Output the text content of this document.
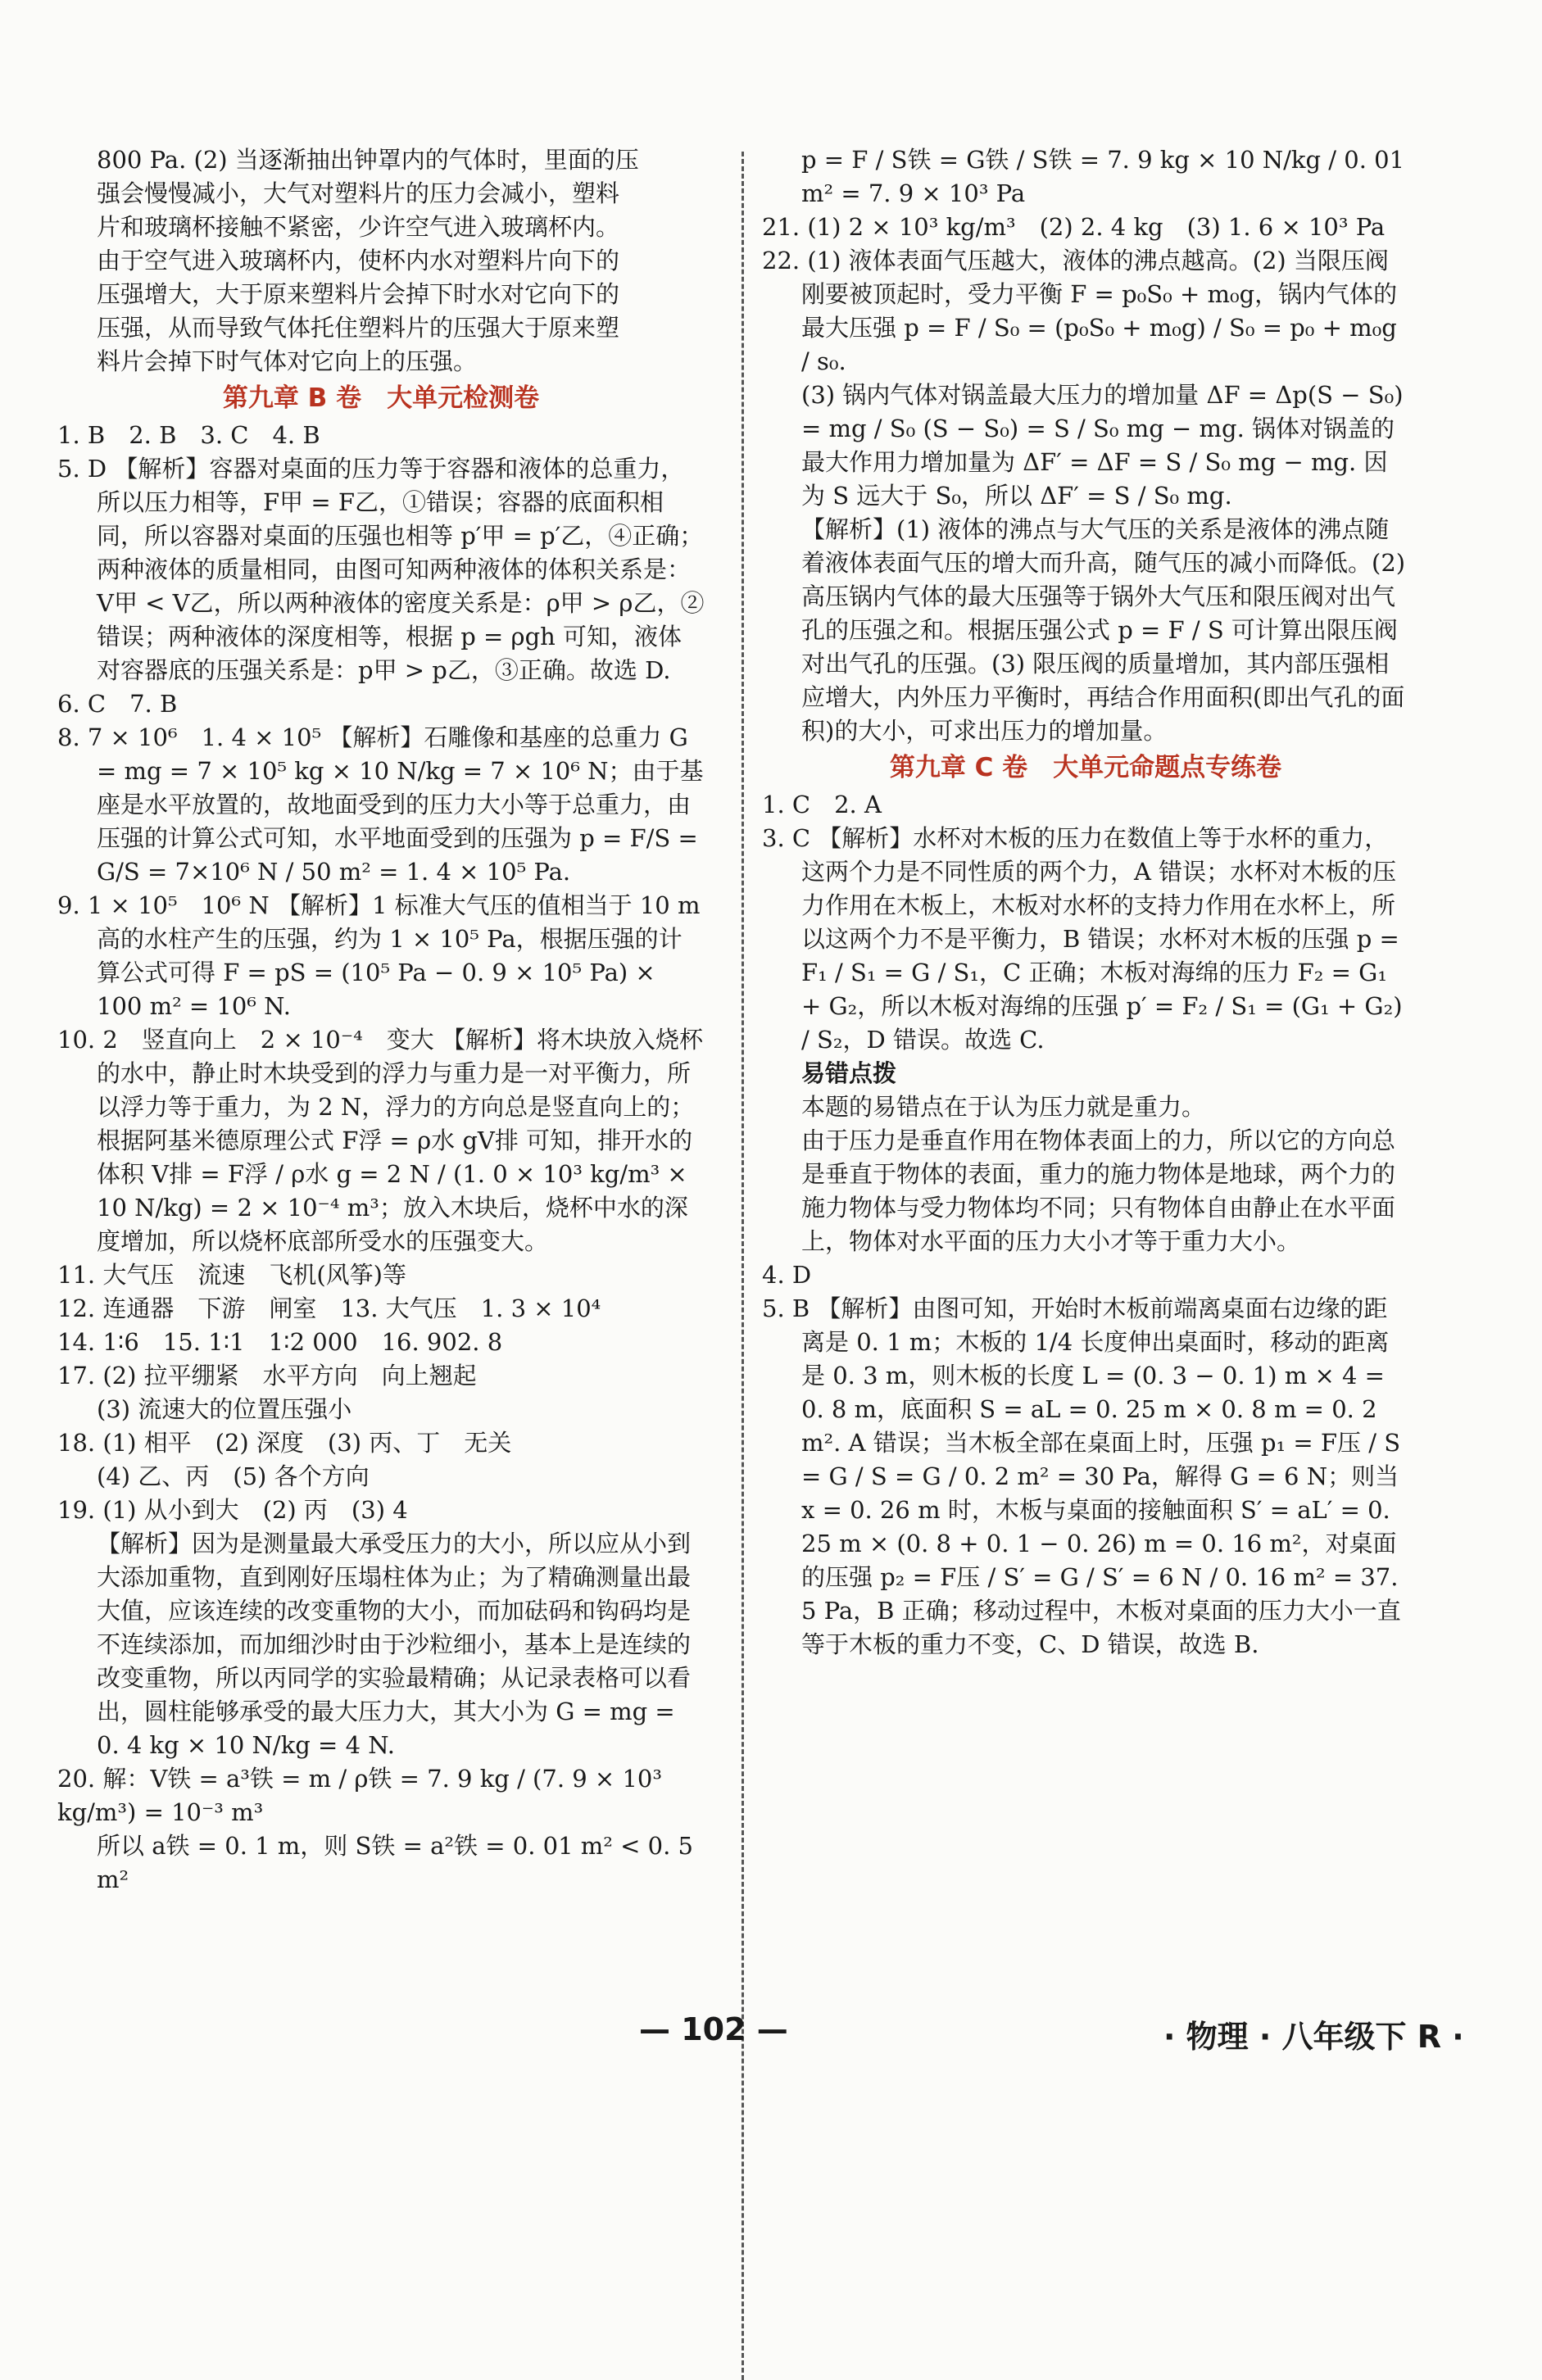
800 Pa. (2) 当逐渐抽出钟罩内的气体时，里面的压

强会慢慢减小，大气对塑料片的压力会减小，塑料

片和玻璃杯接触不紧密，少许空气进入玻璃杯内。

由于空气进入玻璃杯内，使杯内水对塑料片向下的

压强增大，大于原来塑料片会掉下时水对它向下的

压强，从而导致气体托住塑料片的压强大于原来塑

料片会掉下时气体对它向上的压强。

第九章 B 卷　大单元检测卷

1. B　2. B　3. C　4. B

5. D 【解析】容器对桌面的压力等于容器和液体的总重力，所以压力相等，F甲 = F乙，①错误；容器的底面积相同，所以容器对桌面的压强也相等 p′甲 = p′乙，④正确；两种液体的质量相同，由图可知两种液体的体积关系是：V甲 < V乙，所以两种液体的密度关系是：ρ甲 > ρ乙，②错误；两种液体的深度相等，根据 p = ρgh 可知，液体对容器底的压强关系是：p甲 > p乙，③正确。故选 D.

6. C　7. B

8. 7 × 10⁶　1. 4 × 10⁵ 【解析】石雕像和基座的总重力 G = mg = 7 × 10⁵ kg × 10 N/kg = 7 × 10⁶ N；由于基座是水平放置的，故地面受到的压力大小等于总重力，由压强的计算公式可知，水平地面受到的压强为 p = F/S = G/S = 7×10⁶ N / 50 m² = 1. 4 × 10⁵ Pa.

9. 1 × 10⁵　10⁶ N 【解析】1 标准大气压的值相当于 10 m 高的水柱产生的压强，约为 1 × 10⁵ Pa，根据压强的计算公式可得 F = pS = (10⁵ Pa − 0. 9 × 10⁵ Pa) × 100 m² = 10⁶ N.

10. 2　竖直向上　2 × 10⁻⁴　变大 【解析】将木块放入烧杯的水中，静止时木块受到的浮力与重力是一对平衡力，所以浮力等于重力，为 2 N，浮力的方向总是竖直向上的；根据阿基米德原理公式 F浮 = ρ水 gV排 可知，排开水的体积 V排 = F浮 / ρ水 g = 2 N / (1. 0 × 10³ kg/m³ × 10 N/kg) = 2 × 10⁻⁴ m³；放入木块后，烧杯中水的深度增加，所以烧杯底部所受水的压强变大。

11. 大气压　流速　飞机(风筝)等

12. 连通器　下游　闸室　13. 大气压　1. 3 × 10⁴

14. 1∶6　15. 1∶1　1∶2 000　16. 902. 8

17. (2) 拉平绷紧　水平方向　向上翘起

(3) 流速大的位置压强小

18. (1) 相平　(2) 深度　(3) 丙、丁　无关

(4) 乙、丙　(5) 各个方向

19. (1) 从小到大　(2) 丙　(3) 4

【解析】因为是测量最大承受压力的大小，所以应从小到大添加重物，直到刚好压塌柱体为止；为了精确测量出最大值，应该连续的改变重物的大小，而加砝码和钩码均是不连续添加，而加细沙时由于沙粒细小，基本上是连续的改变重物，所以丙同学的实验最精确；从记录表格可以看出，圆柱能够承受的最大压力大，其大小为 G = mg = 0. 4 kg × 10 N/kg = 4 N.

20. 解：V铁 = a³铁 = m / ρ铁 = 7. 9 kg / (7. 9 × 10³ kg/m³) = 10⁻³ m³

所以 a铁 = 0. 1 m，则 S铁 = a²铁 = 0. 01 m² < 0. 5 m²

p = F / S铁 = G铁 / S铁 = 7. 9 kg × 10 N/kg / 0. 01 m² = 7. 9 × 10³ Pa

21. (1) 2 × 10³ kg/m³　(2) 2. 4 kg　(3) 1. 6 × 10³ Pa

22. (1) 液体表面气压越大，液体的沸点越高。(2) 当限压阀刚要被顶起时，受力平衡 F = p₀S₀ + m₀g，锅内气体的最大压强 p = F / S₀ = (p₀S₀ + m₀g) / S₀ = p₀ + m₀g / s₀.

(3) 锅内气体对锅盖最大压力的增加量 ΔF = Δp(S − S₀) = mg / S₀ (S − S₀) = S / S₀ mg − mg. 锅体对锅盖的最大作用力增加量为 ΔF′ = ΔF = S / S₀ mg − mg. 因为 S 远大于 S₀，所以 ΔF′ = S / S₀ mg.

【解析】(1) 液体的沸点与大气压的关系是液体的沸点随着液体表面气压的增大而升高，随气压的减小而降低。(2) 高压锅内气体的最大压强等于锅外大气压和限压阀对出气孔的压强之和。根据压强公式 p = F / S 可计算出限压阀对出气孔的压强。(3) 限压阀的质量增加，其内部压强相应增大，内外压力平衡时，再结合作用面积(即出气孔的面积)的大小，可求出压力的增加量。

第九章 C 卷　大单元命题点专练卷

1. C　2. A

3. C 【解析】水杯对木板的压力在数值上等于水杯的重力，这两个力是不同性质的两个力，A 错误；水杯对木板的压力作用在木板上，木板对水杯的支持力作用在水杯上，所以这两个力不是平衡力，B 错误；水杯对木板的压强 p = F₁ / S₁ = G / S₁，C 正确；木板对海绵的压力 F₂ = G₁ + G₂，所以木板对海绵的压强 p′ = F₂ / S₁ = (G₁ + G₂) / S₂，D 错误。故选 C.

易错点拨

本题的易错点在于认为压力就是重力。

由于压力是垂直作用在物体表面上的力，所以它的方向总是垂直于物体的表面，重力的施力物体是地球，两个力的施力物体与受力物体均不同；只有物体自由静止在水平面上，物体对水平面的压力大小才等于重力大小。

4. D

5. B 【解析】由图可知，开始时木板前端离桌面右边缘的距离是 0. 1 m；木板的 1/4 长度伸出桌面时，移动的距离是 0. 3 m，则木板的长度 L = (0. 3 − 0. 1) m × 4 = 0. 8 m，底面积 S = aL = 0. 25 m × 0. 8 m = 0. 2 m². A 错误；当木板全部在桌面上时，压强 p₁ = F压 / S = G / S = G / 0. 2 m² = 30 Pa，解得 G = 6 N；则当 x = 0. 26 m 时，木板与桌面的接触面积 S′ = aL′ = 0. 25 m × (0. 8 + 0. 1 − 0. 26) m = 0. 16 m²，对桌面的压强 p₂ = F压 / S′ = G / S′ = 6 N / 0. 16 m² = 37. 5 Pa，B 正确；移动过程中，木板对桌面的压力大小一直等于木板的重力不变，C、D 错误，故选 B.

— 102 —	· 物理 · 八年级下 R ·
